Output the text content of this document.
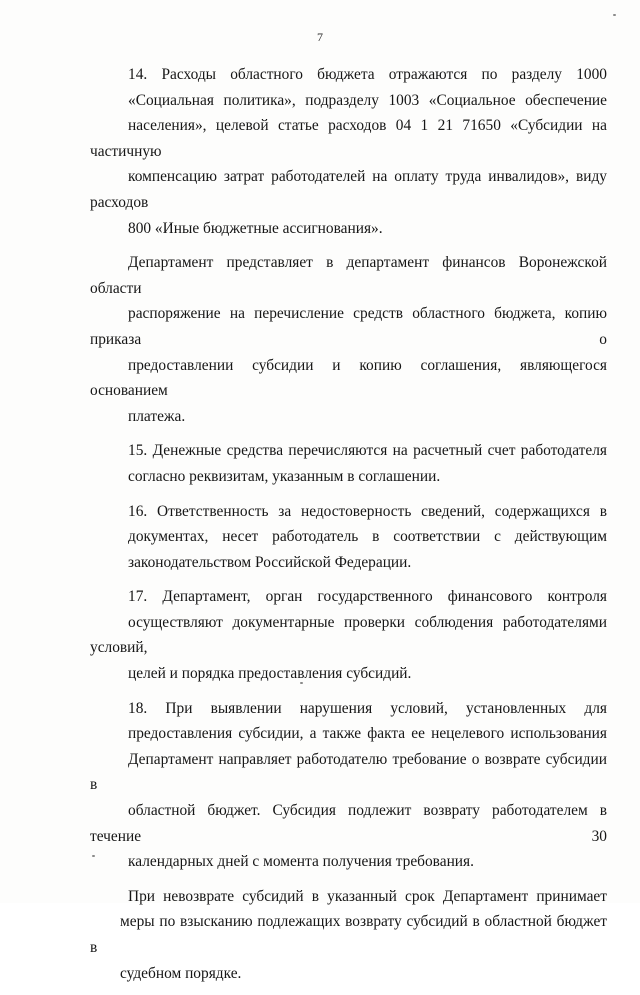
7

14. Расходы областного бюджета отражаются по разделу 1000
«Социальная политика», подразделу 1003 «Социальное обеспечение
населения», целевой статье расходов 04 1 21 71650 «Субсидии на частичную
компенсацию затрат работодателей на оплату труда инвалидов», виду расходов
800 «Иные бюджетные ассигнования».

Департамент представляет в департамент финансов Воронежской области
распоряжение на перечисление средств областного бюджета, копию приказа о
предоставлении субсидии и копию соглашения, являющегося основанием
платежа.

15. Денежные средства перечисляются на расчетный счет работодателя
согласно реквизитам, указанным в соглашении.

16. Ответственность за недостоверность сведений, содержащихся в
документах, несет работодатель в соответствии с действующим
законодательством Российской Федерации.

17. Департамент, орган государственного финансового контроля
осуществляют документарные проверки соблюдения работодателями условий,
целей и порядка предоставления субсидий.

18. При выявлении нарушения условий, установленных для
предоставления субсидии, а также факта ее нецелевого использования
Департамент направляет работодателю требование о возврате субсидии в
областной бюджет. Субсидия подлежит возврату работодателем в течение 30
календарных дней с момента получения требования.

При невозврате субсидий в указанный срок Департамент принимает
меры по взысканию подлежащих возврату субсидий в областной бюджет в
судебном порядке.
